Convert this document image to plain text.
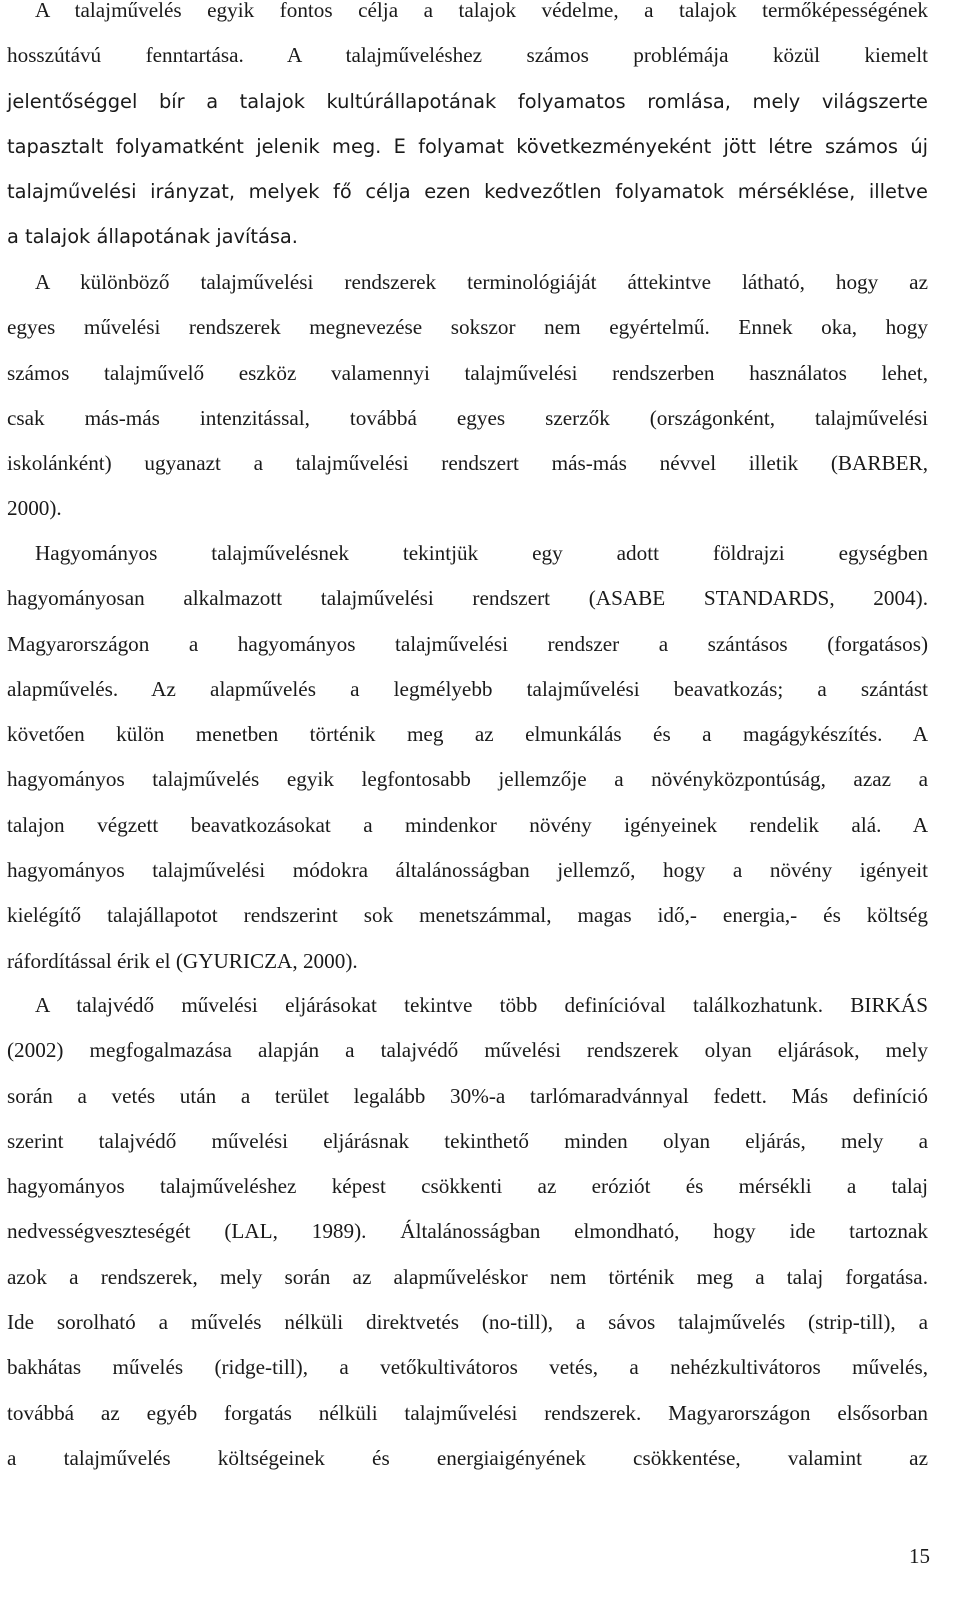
A talajművelés egyik fontos célja a talajok védelme, a talajok termőképességének
hosszútávú fenntartása. A talajműveléshez számos problémája közül kiemelt
jelentőséggel bír a talajok kultúrállapotának folyamatos romlása, mely világszerte
tapasztalt folyamatként jelenik meg. E folyamat következményeként jött létre számos új
talajművelési irányzat, melyek fő célja ezen kedvezőtlen folyamatok mérséklése, illetve
a talajok állapotának javítása.
A különböző talajművelési rendszerek terminológiáját áttekintve látható, hogy az
egyes művelési rendszerek megnevezése sokszor nem egyértelmű. Ennek oka, hogy
számos talajművelő eszköz valamennyi talajművelési rendszerben használatos lehet,
csak más-más intenzitással, továbbá egyes szerzők (országonként, talajművelési
iskolánként) ugyanazt a talajművelési rendszert más-más névvel illetik (BARBER,
2000).
Hagyományos talajművelésnek tekintjük egy adott földrajzi egységben
hagyományosan alkalmazott talajművelési rendszert (ASABE STANDARDS, 2004).
Magyarországon a hagyományos talajművelési rendszer a szántásos (forgatásos)
alapművelés. Az alapművelés a legmélyebb talajművelési beavatkozás; a szántást
követően külön menetben történik meg az elmunkálás és a magágykészítés. A
hagyományos talajművelés egyik legfontosabb jellemzője a növényközpontúság, azaz a
talajon végzett beavatkozásokat a mindenkor növény igényeinek rendelik alá. A
hagyományos talajművelési módokra általánosságban jellemző, hogy a növény igényeit
kielégítő talajállapotot rendszerint sok menetszámmal, magas idő,- energia,- és költség
ráfordítással érik el (GYURICZA, 2000).
A talajvédő művelési eljárásokat tekintve több definícióval találkozhatunk. BIRKÁS
(2002) megfogalmazása alapján a talajvédő művelési rendszerek olyan eljárások, mely
során a vetés után a terület legalább 30%-a tarlómaradvánnyal fedett. Más definíció
szerint talajvédő művelési eljárásnak tekinthető minden olyan eljárás, mely a
hagyományos talajműveléshez képest csökkenti az eróziót és mérsékli a talaj
nedvességveszteségét (LAL, 1989). Általánosságban elmondható, hogy ide tartoznak
azok a rendszerek, mely során az alapműveléskor nem történik meg a talaj forgatása.
Ide sorolható a művelés nélküli direktvetés (no-till), a sávos talajművelés (strip-till), a
bakhátas művelés (ridge-till), a vetőkultivátoros vetés, a nehézkultivátoros művelés,
továbbá az egyéb forgatás nélküli talajművelési rendszerek. Magyarországon elsősorban
a talajművelés költségeinek és energiaigényének csökkentése, valamint az
15
